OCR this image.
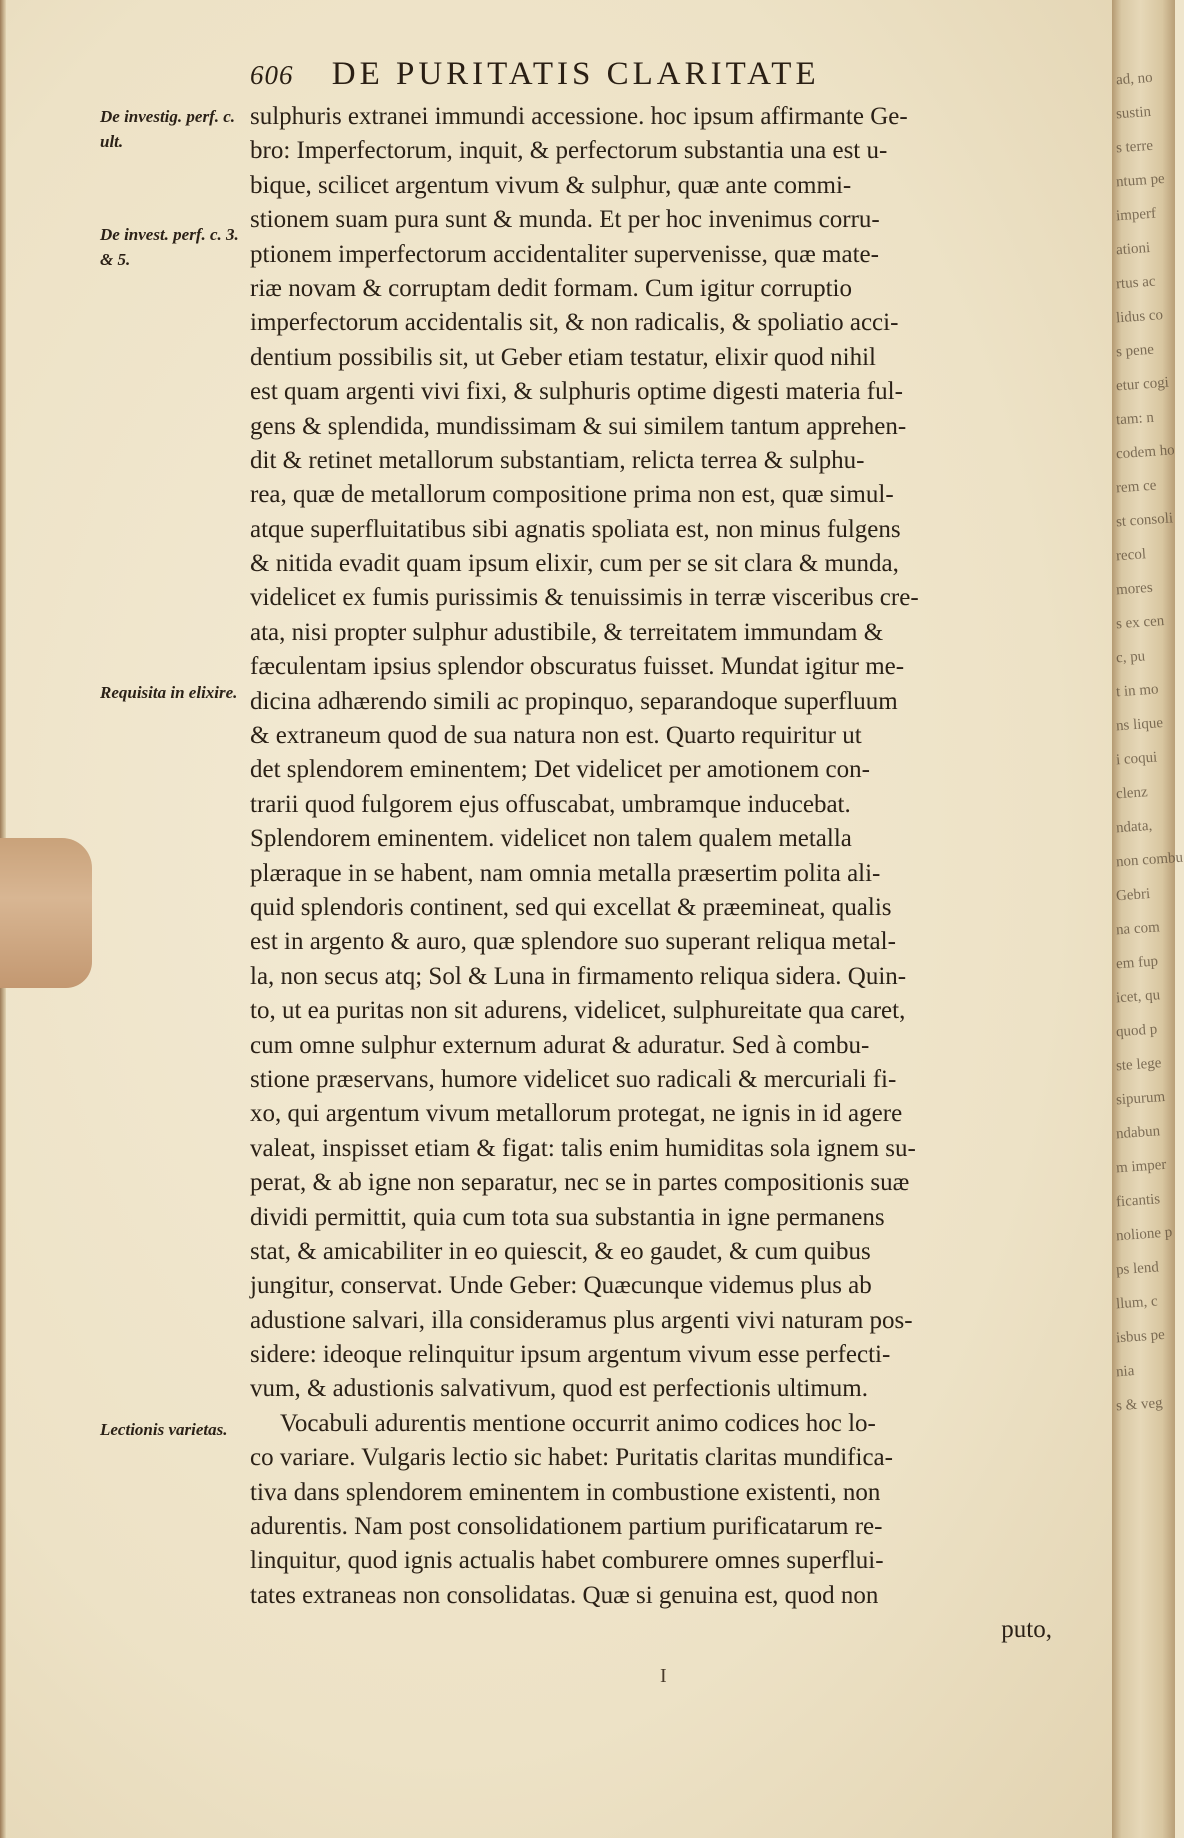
606 DE PURITATIS CLARITATE
De investig. perf. c. ult.
De invest. perf. c. 3. & 5.
Requisita in elixire.
Lectionis varietas.
sulphuris extranei immundi accessione. hoc ipsum affirmante Ge-
bro: Imperfectorum, inquit, & perfectorum substantia una est u-
bique, scilicet argentum vivum & sulphur, quæ ante commi-
stionem suam pura sunt & munda. Et per hoc invenimus corru-
ptionem imperfectorum accidentaliter supervenisse, quæ mate-
riæ novam & corruptam dedit formam. Cum igitur corruptio
imperfectorum accidentalis sit, & non radicalis, & spoliatio acci-
dentium possibilis sit, ut Geber etiam testatur, elixir quod nihil
est quam argenti vivi fixi, & sulphuris optime digesti materia ful-
gens & splendida, mundissimam & sui similem tantum apprehen-
dit & retinet metallorum substantiam, relicta terrea & sulphu-
rea, quæ de metallorum compositione prima non est, quæ simul-
atque superfluitatibus sibi agnatis spoliata est, non minus fulgens
& nitida evadit quam ipsum elixir, cum per se sit clara & munda,
videlicet ex fumis purissimis & tenuissimis in terræ visceribus cre-
ata, nisi propter sulphur adustibile, & terreitatem immundam &
fæculentam ipsius splendor obscuratus fuisset. Mundat igitur me-
dicina adhærendo simili ac propinquo, separandoque superfluum
& extraneum quod de sua natura non est. Quarto requiritur ut
det splendorem eminentem; Det videlicet per amotionem con-
trarii quod fulgorem ejus offuscabat, umbramque inducebat.
Splendorem eminentem. videlicet non talem qualem metalla
plæraque in se habent, nam omnia metalla præsertim polita ali-
quid splendoris continent, sed qui excellat & præemineat, qualis
est in argento & auro, quæ splendore suo superant reliqua metal-
la, non secus atq; Sol & Luna in firmamento reliqua sidera. Quin-
to, ut ea puritas non sit adurens, videlicet, sulphureitate qua caret,
cum omne sulphur externum adurat & aduratur. Sed à combu-
stione præservans, humore videlicet suo radicali & mercuriali fi-
xo, qui argentum vivum metallorum protegat, ne ignis in id agere
valeat, inspisset etiam & figat: talis enim humiditas sola ignem su-
perat, & ab igne non separatur, nec se in partes compositionis suæ
dividi permittit, quia cum tota sua substantia in igne permanens
stat, & amicabiliter in eo quiescit, & eo gaudet, & cum quibus
jungitur, conservat. Unde Geber: Quæcunque videmus plus ab
adustione salvari, illa consideramus plus argenti vivi naturam pos-
sidere: ideoque relinquitur ipsum argentum vivum esse perfecti-
vum, & adustionis salvativum, quod est perfectionis ultimum.
Vocabuli adurentis mentione occurrit animo codices hoc lo-
co variare. Vulgaris lectio sic habet: Puritatis claritas mundifica-
tiva dans splendorem eminentem in combustione existenti, non
adurentis. Nam post consolidationem partium purificatarum re-
linquitur, quod ignis actualis habet comburere omnes superflui-
tates extraneas non consolidatas. Quæ si genuina est, quod non
puto,
I
ad, no
sustin
s terre
ntum pe
imperf
ationi
rtus ac
lidus co
s pene
etur cogi
tam: n
codem ho
rem ce
st consoli
recol
mores
s ex cen
c, pu
t in mo
ns lique
i coqui
clenz
ndata,
non combu
Gebri
na com
em fup
icet, qu
quod p
ste lege
sipurum
ndabun
m imper
ficantis
nolione p
ps lend
llum, c
isbus pe
nia
s & veg
